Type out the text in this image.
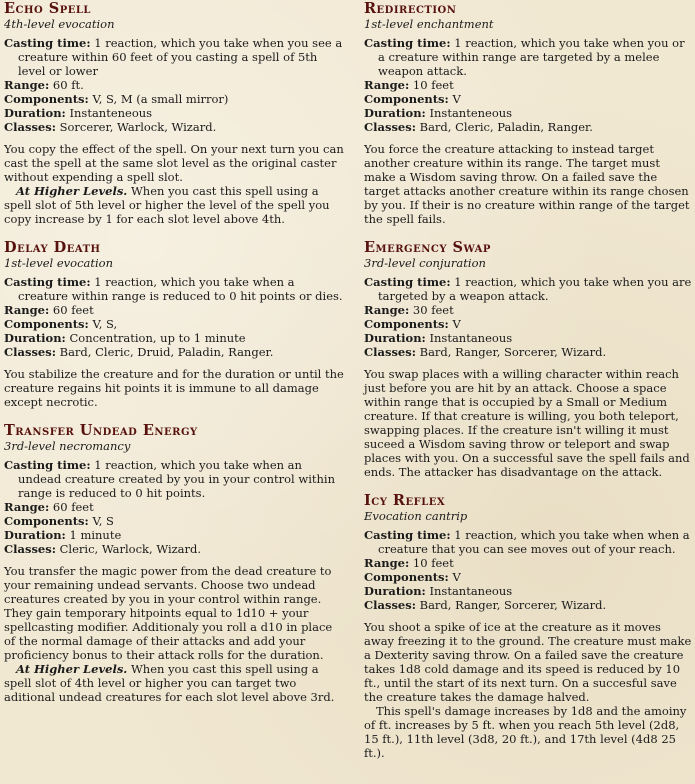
Echo Spell
4th-level evocation
Casting time: 1 reaction, which you take when you see a creature within 60 feet of you casting a spell of 5th level or lower
Range: 60 ft.
Components: V, S, M (a small mirror)
Duration: Instanteneous
Classes: Sorcerer, Warlock, Wizard.

You copy the effect of the spell. On your next turn you can cast the spell at the same slot level as the original caster without expending a spell slot.

At Higher Levels. When you cast this spell using a spell slot of 5th level or higher the level of the spell you copy increase by 1 for each slot level above 4th.

Delay Death
1st-level evocation
Casting time: 1 reaction, which you take when a creature within range is reduced to 0 hit points or dies.
Range: 60 feet
Components: V, S,
Duration: Concentration, up to 1 minute
Classes: Bard, Cleric, Druid, Paladin, Ranger.

You stabilize the creature and for the duration or until the creature regains hit points it is immune to all damage except necrotic.

Transfer Undead Energy
3rd-level necromancy
Casting time: 1 reaction, which you take when an undead creature created by you in your control within range is reduced to 0 hit points.
Range: 60 feet
Components: V, S
Duration: 1 minute
Classes: Cleric, Warlock, Wizard.

You transfer the magic power from the dead creature to your remaining undead servants. Choose two undead creatures created by you in your control within range. They gain temporary hitpoints equal to 1d10 + your spellcasting modifier. Additionaly you roll a d10 in place of the normal damage of their attacks and add your proficiency bonus to their attack rolls for the duration.

At Higher Levels. When you cast this spell using a spell slot of 4th level or higher you can target two aditional undead creatures for each slot level above 3rd.

Redirection
1st-level enchantment
Casting time: 1 reaction, which you take when you or a creature within range are targeted by a melee weapon attack.
Range: 10 feet
Components: V
Duration: Instanteneous
Classes: Bard, Cleric, Paladin, Ranger.

You force the creature attacking to instead target another creature within its range. The target must make a Wisdom saving throw. On a failed save the target attacks another creature within its range chosen by you. If their is no creature within range of the target the spell fails.

Emergency Swap
3rd-level conjuration
Casting time: 1 reaction, which you take when you are targeted by a weapon attack.
Range: 30 feet
Components: V
Duration: Instantaneous
Classes: Bard, Ranger, Sorcerer, Wizard.

You swap places with a willing character within reach just before you are hit by an attack. Choose a space within range that is occupied by a Small or Medium creature. If that creature is willing, you both teleport, swapping places. If the creature isn't willing it must suceed a Wisdom saving throw or teleport and swap places with you. On a successful save the spell fails and ends. The attacker has disadvantage on the attack.

Icy Reflex
Evocation cantrip
Casting time: 1 reaction, which you take when when a creature that you can see moves out of your reach.
Range: 10 feet
Components: V
Duration: Instantaneous
Classes: Bard, Ranger, Sorcerer, Wizard.

You shoot a spike of ice at the creature as it moves away freezing it to the ground. The creature must make a Dexterity saving throw. On a failed save the creature takes 1d8 cold damage and its speed is reduced by 10 ft., until the start of its next turn. On a succesful save the creature takes the damage halved.

This spell's damage increases by 1d8 and the amoiny of ft. increases by 5 ft. when you reach 5th level (2d8, 15 ft.), 11th level (3d8, 20 ft.), and 17th level (4d8 25 ft.).
